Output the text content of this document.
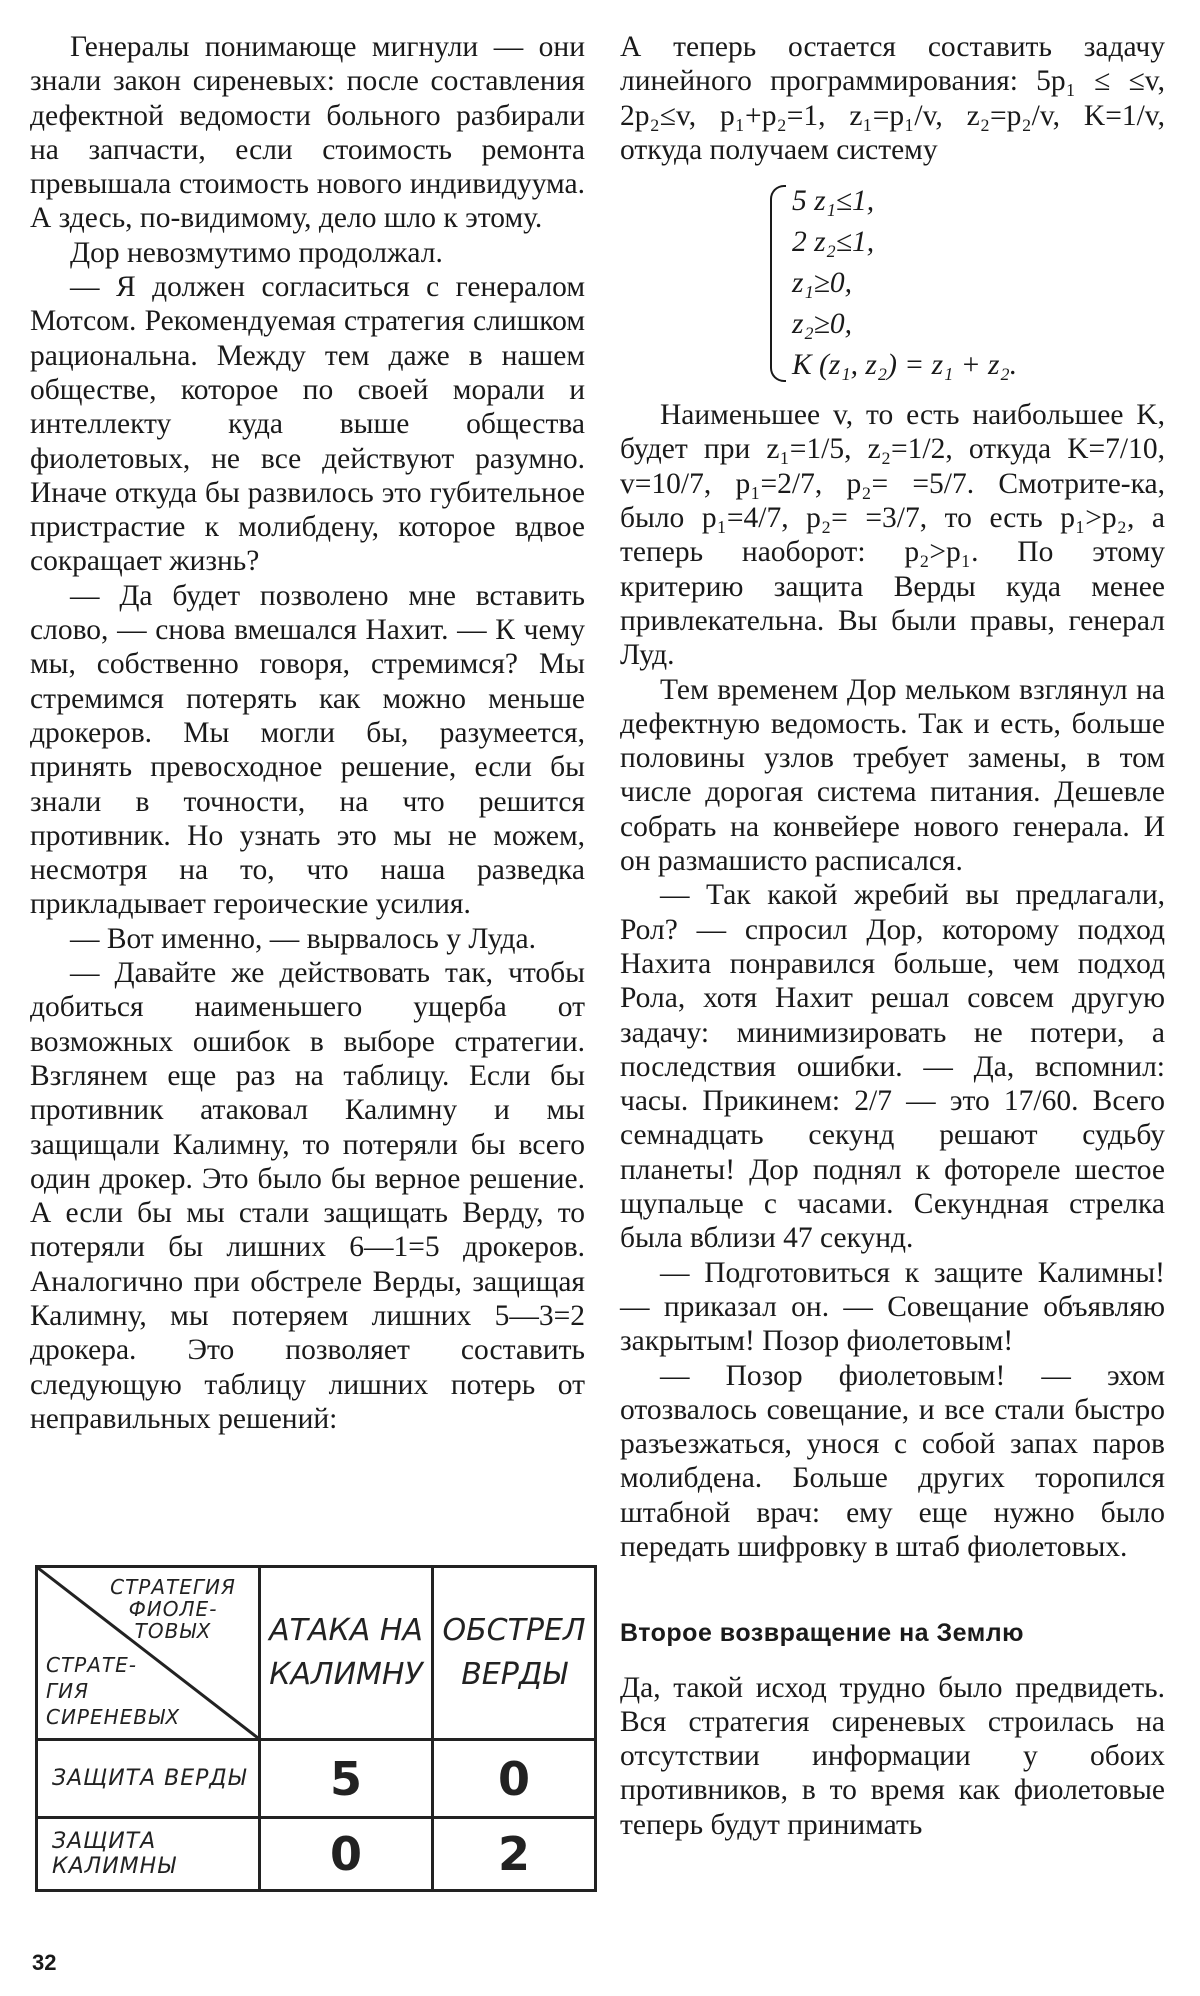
Генералы понимающе мигнули — они знали закон сиреневых: после составления дефектной ведомости больного разбирали на запчасти, если стоимость ремонта превышала стоимость нового индивидуума. А здесь, по-видимому, дело шло к этому.

Дор невозмутимо продолжал.

— Я должен согласиться с генералом Мотсом. Рекомендуемая стратегия слишком рациональна. Между тем даже в нашем обществе, которое по своей морали и интеллекту куда выше общества фиолетовых, не все действуют разумно. Иначе откуда бы развилось это губительное пристрастие к молибдену, которое вдвое сокращает жизнь?

— Да будет позволено мне вставить слово, — снова вмешался Нахит. — К чему мы, собственно говоря, стремимся? Мы стремимся потерять как можно меньше дрокеров. Мы могли бы, разумеется, принять превосходное решение, если бы знали в точности, на что решится противник. Но узнать это мы не можем, несмотря на то, что наша разведка прикладывает героические усилия.

— Вот именно, — вырвалось у Луда.

— Давайте же действовать так, чтобы добиться наименьшего ущерба от возможных ошибок в выборе стратегии. Взглянем еще раз на таблицу. Если бы противник атаковал Калимну и мы защищали Калимну, то потеряли бы всего один дрокер. Это было бы верное решение. А если бы мы стали защищать Верду, то потеряли бы лишних 6—1=5 дрокеров. Аналогично при обстреле Верды, защищая Калимну, мы потеряем лишних 5—3=2 дрокера. Это позволяет составить следующую таблицу лишних потерь от неправильных решений:

СТРАТЕГИЯ ФИОЛЕ-ТОВЫХ
СТРАТЕ-ГИЯ СИРЕНЕВЫХ	АТАКА НА КАЛИМНУ	ОБСТРЕЛ ВЕРДЫ
ЗАЩИТА ВЕРДЫ	5	0
ЗАЩИТА КАЛИМНЫ	0	2

А теперь остается составить задачу линейного программирования: 5p₁ ≤ ≤v, 2p₂≤v, p₁+p₂=1, z₁=p₁/v, z₂=p₂/v, K=1/v, откуда получаем систему

5 z₁≤1,
2 z₂≤1,
z₁≥0,
z₂≥0,
K (z₁, z₂) = z₁ + z₂.

Наименьшее v, то есть наибольшее K, будет при z₁=1/5, z₂=1/2, откуда K=7/10, v=10/7, p₁=2/7, p₂= =5/7. Смотрите-ка, было p₁=4/7, p₂= =3/7, то есть p₁>p₂, а теперь наоборот: p₂>p₁. По этому критерию защита Верды куда менее привлекательна. Вы были правы, генерал Луд.

Тем временем Дор мельком взглянул на дефектную ведомость. Так и есть, больше половины узлов требует замены, в том числе дорогая система питания. Дешевле собрать на конвейере нового генерала. И он размашисто расписался.

— Так какой жребий вы предлагали, Рол? — спросил Дор, которому подход Нахита понравился больше, чем подход Рола, хотя Нахит решал совсем другую задачу: минимизировать не потери, а последствия ошибки. — Да, вспомнил: часы. Прикинем: 2/7 — это 17/60. Всего семнадцать секунд решают судьбу планеты! Дор поднял к фотореле шестое щупальце с часами. Секундная стрелка была вблизи 47 секунд.

— Подготовиться к защите Калимны! — приказал он. — Совещание объявляю закрытым! Позор фиолетовым!

— Позор фиолетовым! — эхом отозвалось совещание, и все стали быстро разъезжаться, унося с собой запах паров молибдена. Больше других торопился штабной врач: ему еще нужно было передать шифровку в штаб фиолетовых.

Второе возвращение на Землю

Да, такой исход трудно было предвидеть. Вся стратегия сиреневых строилась на отсутствии информации у обоих противников, в то время как фиолетовые теперь будут принимать

32
